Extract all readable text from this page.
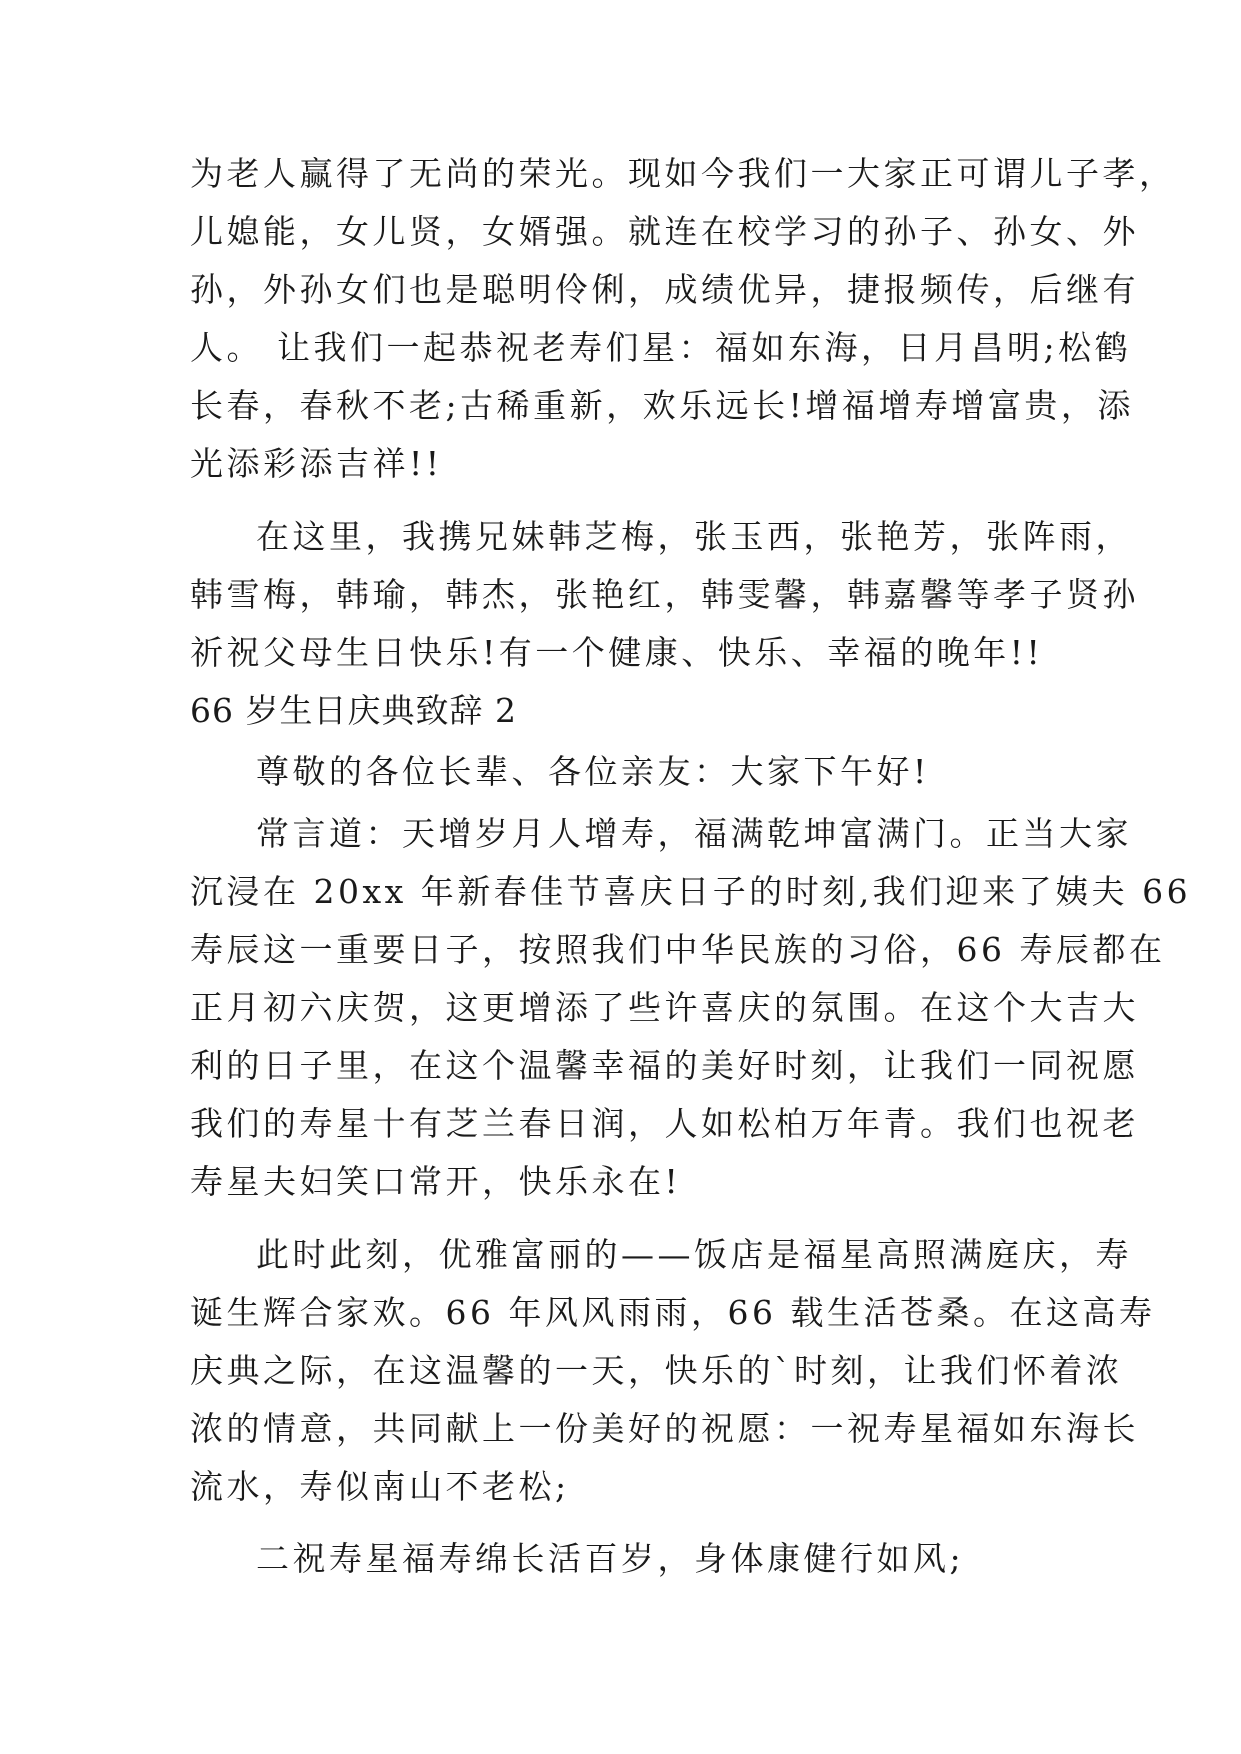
为老人赢得了无尚的荣光。现如今我们一大家正可谓儿子孝，

儿媳能，女儿贤，女婿强。就连在校学习的孙子、孙女、外

孙，外孙女们也是聪明伶俐，成绩优异，捷报频传，后继有

人。 让我们一起恭祝老寿们星：福如东海，日月昌明;松鹤

长春，春秋不老;古稀重新，欢乐远长!增福增寿增富贵，添

光添彩添吉祥!!

在这里，我携兄妹韩芝梅，张玉西，张艳芳，张阵雨，

韩雪梅，韩瑜，韩杰，张艳红，韩雯馨，韩嘉馨等孝子贤孙

祈祝父母生日快乐!有一个健康、快乐、幸福的晚年!!

66 岁生日庆典致辞 2

尊敬的各位长辈、各位亲友：大家下午好!

常言道：天增岁月人增寿，福满乾坤富满门。正当大家

沉浸在 20xx 年新春佳节喜庆日子的时刻,我们迎来了姨夫 66

寿辰这一重要日子，按照我们中华民族的习俗，66 寿辰都在

正月初六庆贺，这更增添了些许喜庆的氛围。在这个大吉大

利的日子里，在这个温馨幸福的美好时刻，让我们一同祝愿

我们的寿星十有芝兰春日润，人如松柏万年青。我们也祝老

寿星夫妇笑口常开，快乐永在!

此时此刻，优雅富丽的——饭店是福星高照满庭庆，寿

诞生辉合家欢。66 年风风雨雨，66 载生活苍桑。在这高寿

庆典之际，在这温馨的一天，快乐的`时刻，让我们怀着浓

浓的情意，共同献上一份美好的祝愿：一祝寿星福如东海长

流水，寿似南山不老松;

二祝寿星福寿绵长活百岁，身体康健行如风;
